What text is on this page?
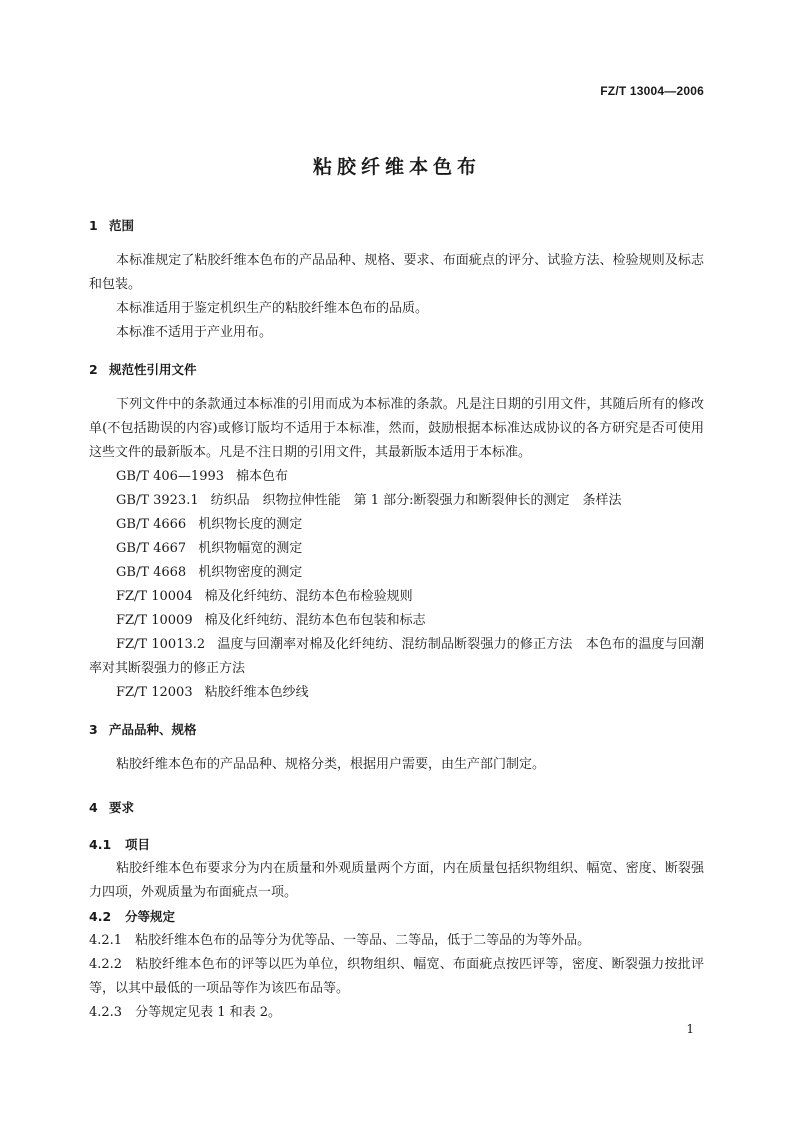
FZ/T 13004—2006
粘胶纤维本色布
1 范围
本标准规定了粘胶纤维本色布的产品品种、规格、要求、布面疵点的评分、试验方法、检验规则及标志和包装。
本标准适用于鉴定机织生产的粘胶纤维本色布的品质。
本标准不适用于产业用布。
2 规范性引用文件
下列文件中的条款通过本标准的引用而成为本标准的条款。凡是注日期的引用文件，其随后所有的修改单(不包括勘误的内容)或修订版均不适用于本标准，然而，鼓励根据本标准达成协议的各方研究是否可使用这些文件的最新版本。凡是不注日期的引用文件，其最新版本适用于本标准。
GB/T 406—1993 棉本色布
GB/T 3923.1 纺织品　织物拉伸性能　第 1 部分:断裂强力和断裂伸长的测定　条样法
GB/T 4666 机织物长度的测定
GB/T 4667 机织物幅宽的测定
GB/T 4668 机织物密度的测定
FZ/T 10004 棉及化纤纯纺、混纺本色布检验规则
FZ/T 10009 棉及化纤纯纺、混纺本色布包装和标志
FZ/T 10013.2 温度与回潮率对棉及化纤纯纺、混纺制品断裂强力的修正方法　本色布的温度与回潮率对其断裂强力的修正方法
FZ/T 12003 粘胶纤维本色纱线
3 产品品种、规格
粘胶纤维本色布的产品品种、规格分类，根据用户需要，由生产部门制定。
4 要求
4.1 项目
粘胶纤维本色布要求分为内在质量和外观质量两个方面，内在质量包括织物组织、幅宽、密度、断裂强力四项，外观质量为布面疵点一项。
4.2 分等规定
4.2.1　 粘胶纤维本色布的品等分为优等品、一等品、二等品，低于二等品的为等外品。
4.2.2　 粘胶纤维本色布的评等以匹为单位，织物组织、幅宽、布面疵点按匹评等，密度、断裂强力按批评等，以其中最低的一项品等作为该匹布品等。
4.2.3　 分等规定见表 1 和表 2。
1
